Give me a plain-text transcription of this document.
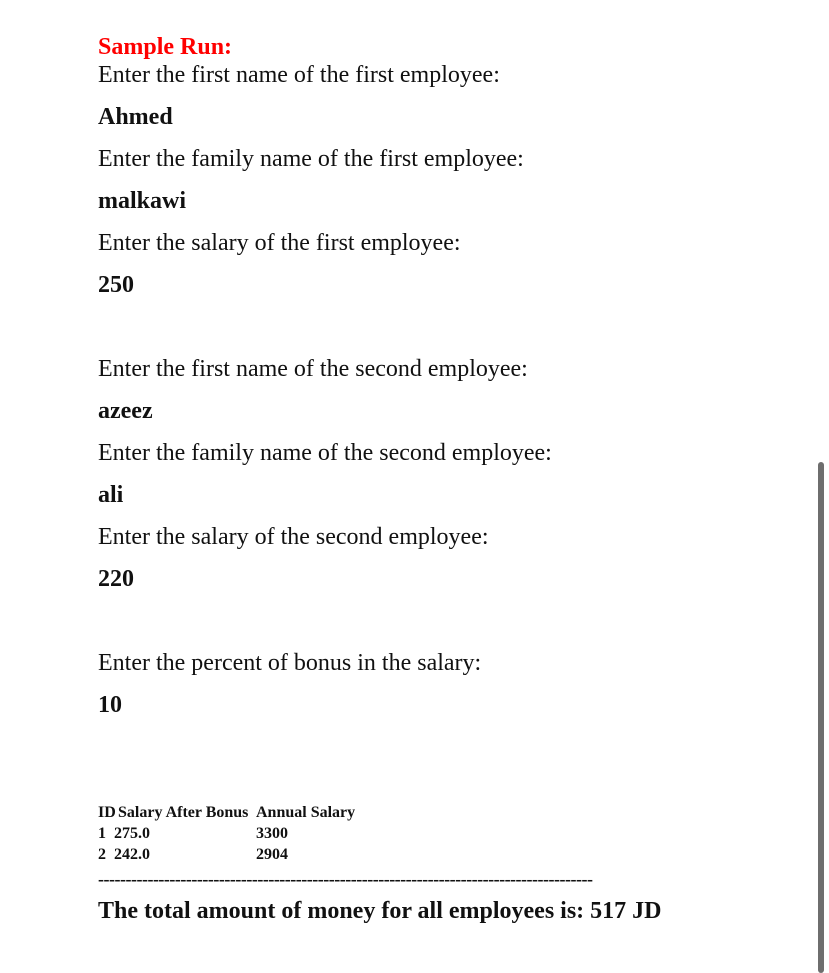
Sample Run:
Enter the first name of the first employee:
Ahmed
Enter the family name of the first employee:
malkawi
Enter the salary of the first employee:
250
Enter the first name of the second employee:
azeez
Enter the family name of the second employee:
ali
Enter the salary of the second employee:
220
Enter the percent of bonus in the salary:
10
ID Salary After Bonus Annual Salary
1 275.0	3300
2 242.0	2904
------------------------------------------------------------------------------------------
The total amount of money for all employees is: 517 JD
